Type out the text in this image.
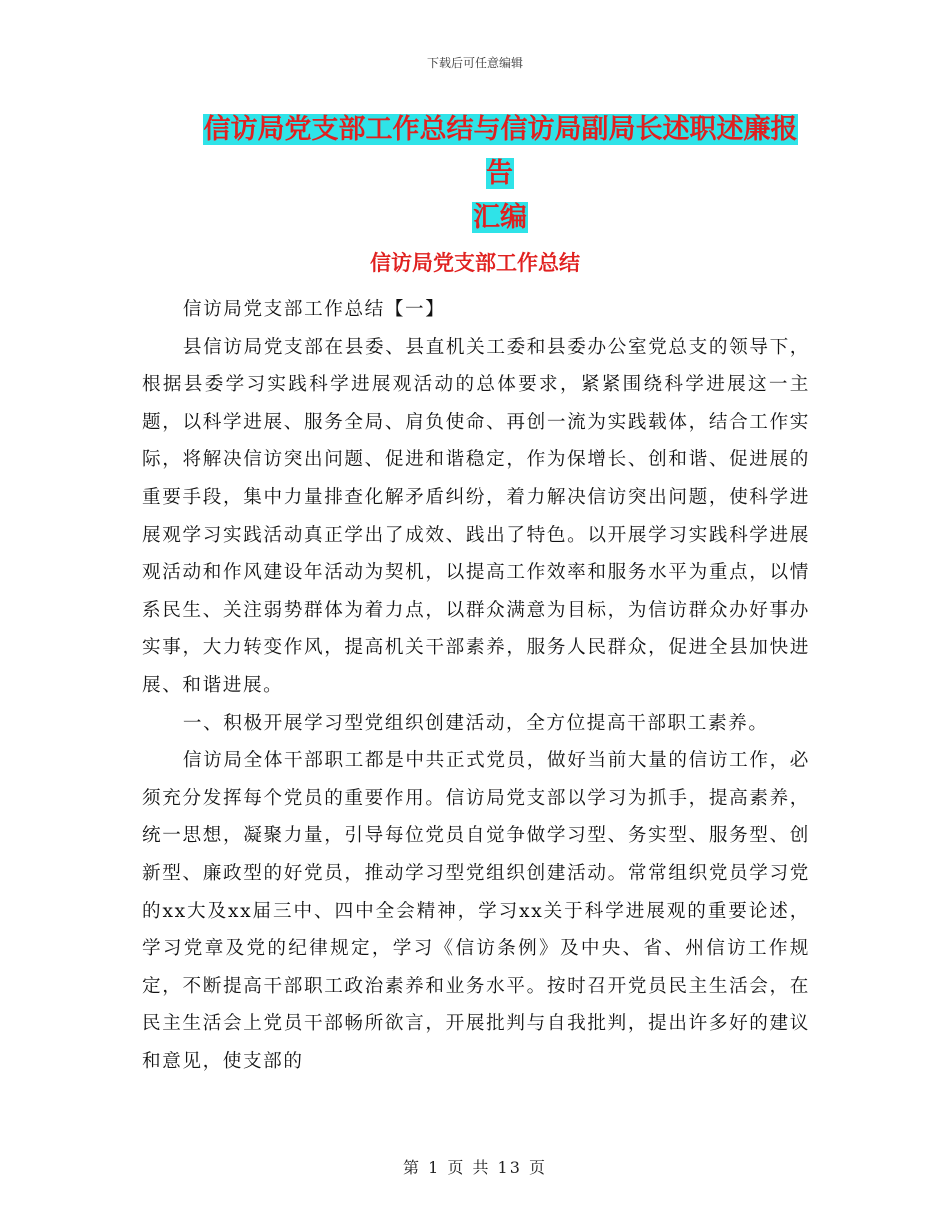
下载后可任意编辑
信访局党支部工作总结与信访局副局长述职述廉报告
汇编
信访局党支部工作总结

信访局党支部工作总结【一】

县信访局党支部在县委、县直机关工委和县委办公室党总支的领导下，根据县委学习实践科学进展观活动的总体要求，紧紧围绕科学进展这一主题，以科学进展、服务全局、肩负使命、再创一流为实践载体，结合工作实际，将解决信访突出问题、促进和谐稳定，作为保增长、创和谐、促进展的重要手段，集中力量排查化解矛盾纠纷，着力解决信访突出问题，使科学进展观学习实践活动真正学出了成效、践出了特色。以开展学习实践科学进展观活动和作风建设年活动为契机，以提高工作效率和服务水平为重点，以情系民生、关注弱势群体为着力点，以群众满意为目标，为信访群众办好事办实事，大力转变作风，提高机关干部素养，服务人民群众，促进全县加快进展、和谐进展。

一、积极开展学习型党组织创建活动，全方位提高干部职工素养。

信访局全体干部职工都是中共正式党员，做好当前大量的信访工作，必须充分发挥每个党员的重要作用。信访局党支部以学习为抓手，提高素养，统一思想，凝聚力量，引导每位党员自觉争做学习型、务实型、服务型、创新型、廉政型的好党员，推动学习型党组织创建活动。常常组织党员学习党的xx大及xx届三中、四中全会精神，学习xx关于科学进展观的重要论述，学习党章及党的纪律规定，学习《信访条例》及中央、省、州信访工作规定，不断提高干部职工政治素养和业务水平。按时召开党员民主生活会，在民主生活会上党员干部畅所欲言，开展批判与自我批判，提出许多好的建议和意见，使支部的

第 1 页 共 13 页
